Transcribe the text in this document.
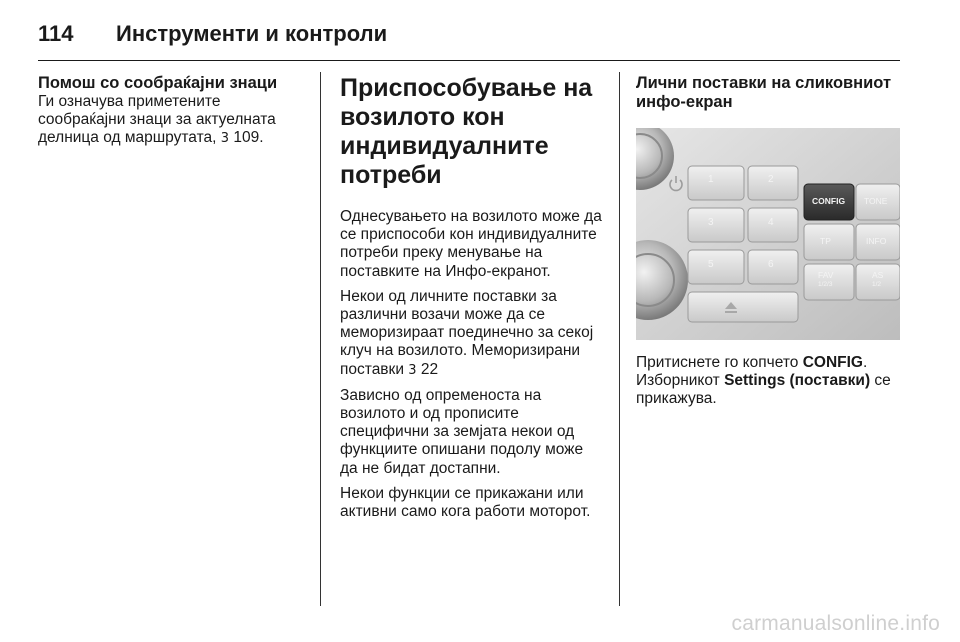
114	Инструменти и контроли

Помош со сообраќајни знаци

Ги означува приметените сообраќајни знаци за актуелната делница од маршрутата, 3 109.

Приспособување на возилото кон индивидуалните потреби

Однесувањето на возилото може да се приспособи кон индивидуалните потреби преку менување на поставките на Инфо-екранот.

Некои од личните поставки за различни возачи може да се меморизираат поединечно за секој клуч на возилото. Меморизирани поставки 3 22

Зависно од опременоста на возилото и од прописите специфични за земјата некои од функциите опишани подолу може да не бидат достапни.

Некои функции се прикажани или активни само кога работи моторот.

Лични поставки на сликовниот инфо-екран

1	2
3	4
5	6
CONFIG TONE
TP	INFO
FAV
1/2/3
AS
1/2

Притиснете го копчето CONFIG. Изборникот Settings (поставки) се прикажува.

carmanualsonline.info
